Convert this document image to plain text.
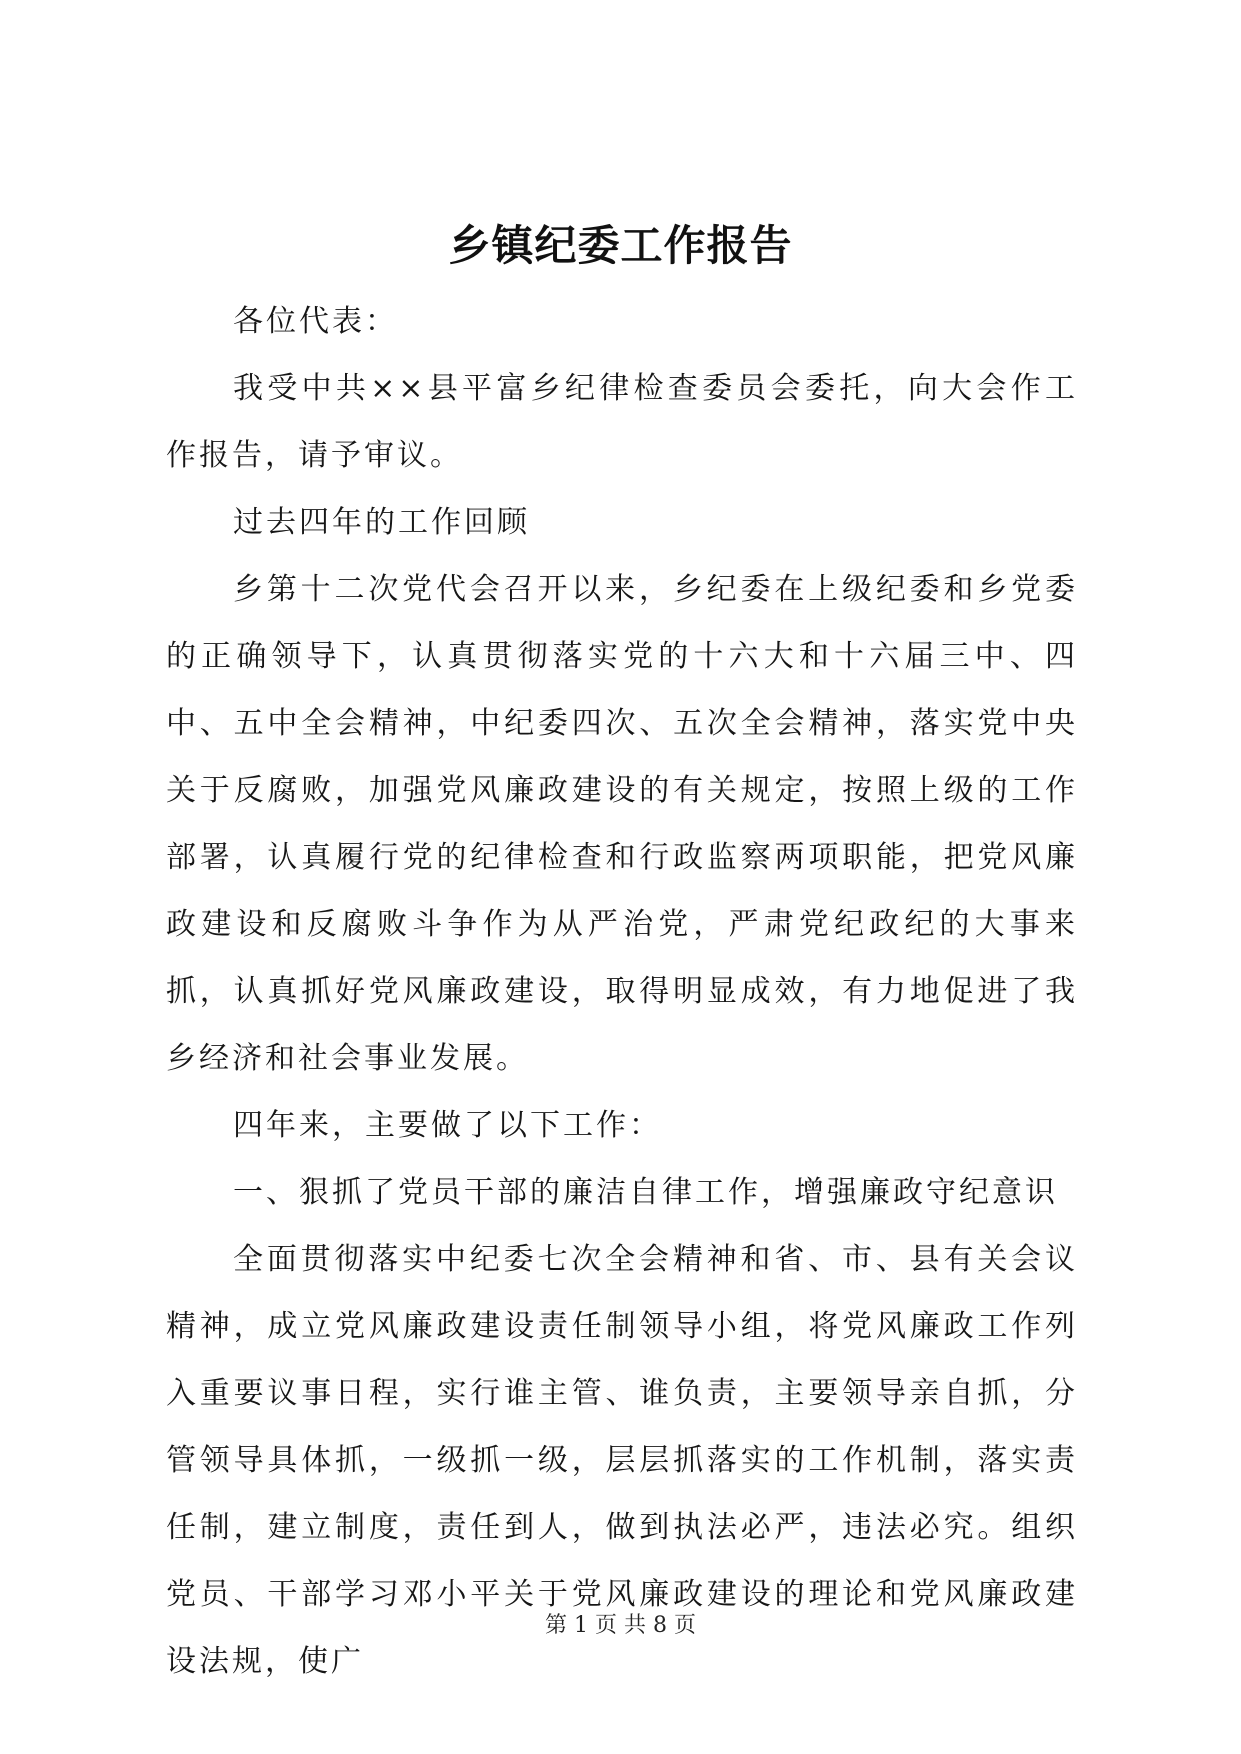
乡镇纪委工作报告

各位代表：

我受中共××县平富乡纪律检查委员会委托，向大会作工作报告，请予审议。

过去四年的工作回顾

乡第十二次党代会召开以来，乡纪委在上级纪委和乡党委的正确领导下，认真贯彻落实党的十六大和十六届三中、四中、五中全会精神，中纪委四次、五次全会精神，落实党中央关于反腐败，加强党风廉政建设的有关规定，按照上级的工作部署，认真履行党的纪律检查和行政监察两项职能，把党风廉政建设和反腐败斗争作为从严治党，严肃党纪政纪的大事来抓，认真抓好党风廉政建设，取得明显成效，有力地促进了我乡经济和社会事业发展。

四年来，主要做了以下工作：

一、狠抓了党员干部的廉洁自律工作，增强廉政守纪意识

全面贯彻落实中纪委七次全会精神和省、市、县有关会议精神，成立党风廉政建设责任制领导小组，将党风廉政工作列入重要议事日程，实行谁主管、谁负责，主要领导亲自抓，分管领导具体抓，一级抓一级，层层抓落实的工作机制，落实责任制，建立制度，责任到人，做到执法必严，违法必究。组织党员、干部学习邓小平关于党风廉政建设的理论和党风廉政建设法规，使广

第 1 页 共 8 页
